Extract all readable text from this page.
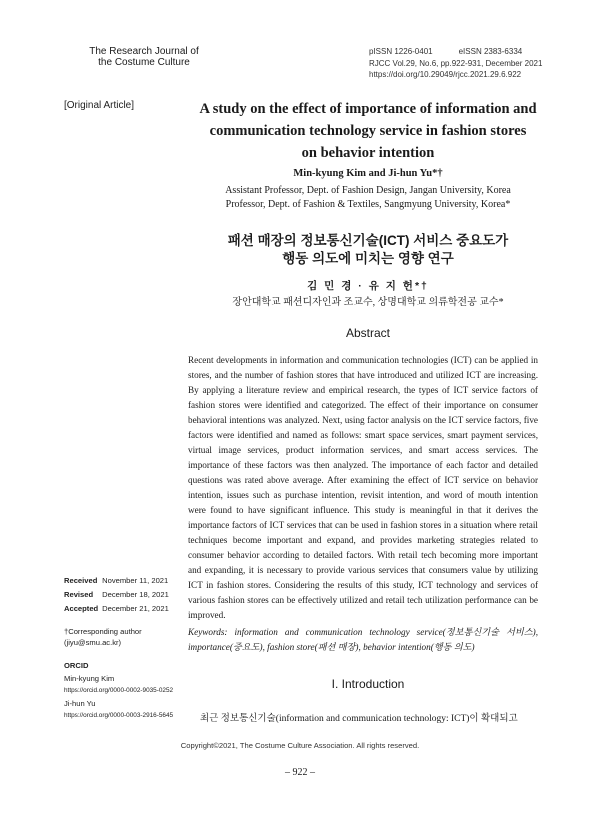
The Research Journal of
the Costume Culture
pISSN 1226-0401	eISSN 2383-6334
RJCC Vol.29, No.6, pp.922-931, December 2021
https://doi.org/10.29049/rjcc.2021.29.6.922
[Original Article]	A study on the effect of importance of information and
communication technology service in fashion stores
on behavior intention
Min-kyung Kim and Ji-hun Yu*†
Assistant Professor, Dept. of Fashion Design, Jangan University, Korea
Professor, Dept. of Fashion & Textiles, Sangmyung University, Korea*
패션 매장의 정보통신기술(ICT) 서비스 중요도가
행동 의도에 미치는 영향 연구
김 민 경 · 유 지 헌*†
장안대학교 패션디자인과 조교수, 상명대학교 의류학전공 교수*
Abstract
Recent developments in information and communication technologies (ICT) can be applied in stores, and the number of fashion stores that have introduced and utilized ICT are increasing. By applying a literature review and empirical research, the types of ICT service factors of fashion stores were identified and categorized. The effect of their importance on consumer behavioral intentions was analyzed. Next, using factor analysis on the ICT service factors, five factors were identified and named as follows: smart space services, smart payment services, virtual image services, product information services, and smart access services. The importance of these factors was then analyzed. The importance of each factor and detailed questions was rated above average. After examining the effect of ICT service on behavior intention, issues such as purchase intention, revisit intention, and word of mouth intention were found to have significant influence. This study is meaningful in that it derives the importance factors of ICT services that can be used in fashion stores in a situation where retail techniques become important and expand, and provides marketing strategies related to consumer behavior according to detailed factors. With retail tech becoming more important and expanding, it is necessary to provide various services that consumers value by utilizing ICT in fashion stores. Considering the results of this study, ICT technology and services of various fashion stores can be effectively utilized and retail tech utilization performance can be improved.
Keywords: information and communication technology service(정보통신기술 서비스), importance(중요도), fashion store(패션 매장), behavior intention(행동 의도)
Received November 11, 2021
Revised December 18, 2021
Accepted December 21, 2021
†Corresponding author
(jiyu@smu.ac.kr)
ORCID
Min-kyung Kim
https://orcid.org/0000-0002-9035-0252
Ji-hun Yu
https://orcid.org/0000-0003-2916-5645
I. Introduction
최근 정보통신기술(information and communication technology: ICT)이 확대되고
Copyright©2021, The Costume Culture Association. All rights reserved.
– 922 –
